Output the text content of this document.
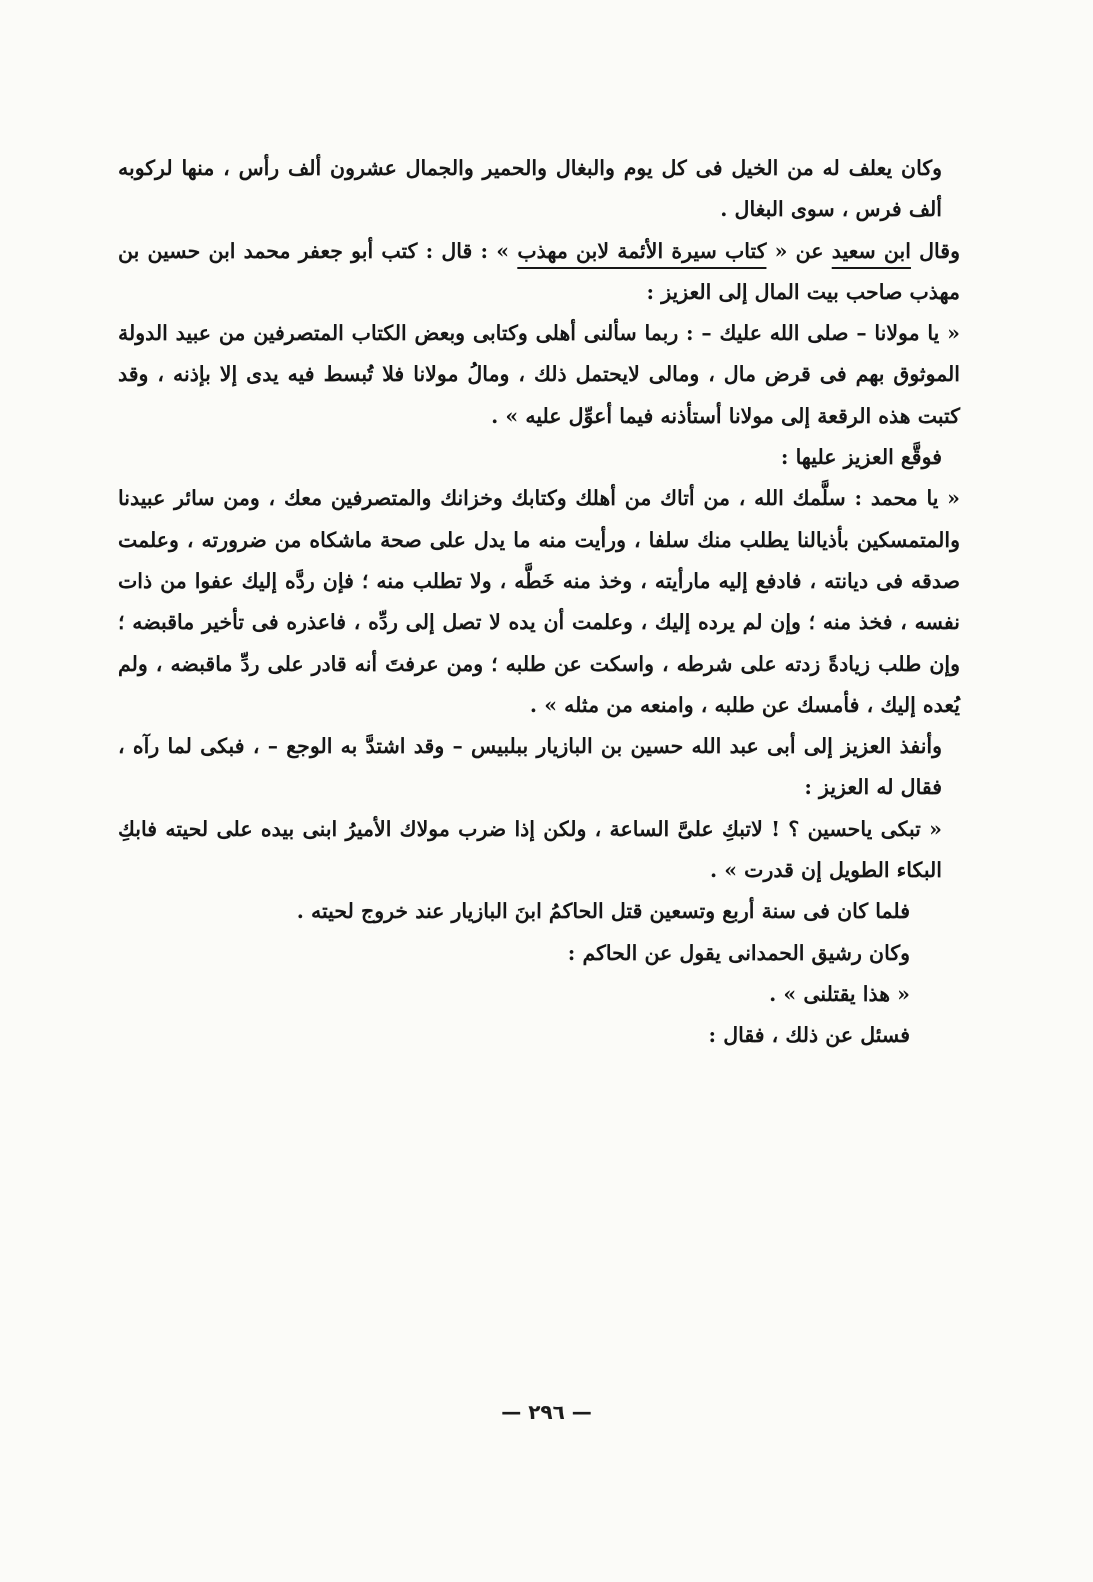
وكان يعلف له من الخيل فى كل يوم والبغال والحمير والجمال عشرون ألف رأس ، منها لركوبه ألف فرس ، سوى البغال .

وقال ابن سعيد عن « كتاب سيرة الأئمة لابن مهذب » : قال : كتب أبو جعفر محمد ابن حسين بن مهذب صاحب بيت المال إلى العزيز :

« يا مولانا – صلى الله عليك – : ربما سألنى أهلى وكتابى وبعض الكتاب المتصرفين من عبيد الدولة الموثوق بهم فى قرض مال ، ومالى لايحتمل ذلك ، ومالُ مولانا فلا تُبسط فيه يدى إلا بإذنه ، وقد كتبت هذه الرقعة إلى مولانا أستأذنه فيما أعوِّل عليه » .

فوقَّع العزيز عليها :

« يا محمد : سلَّمك الله ، من أتاك من أهلك وكتابك وخزانك والمتصرفين معك ، ومن سائر عبيدنا والمتمسكين بأذيالنا يطلب منك سلفا ، ورأيت منه ما يدل على صحة ماشكاه من ضرورته ، وعلمت صدقه فى ديانته ، فادفع إليه مارأيته ، وخذ منه خَطَّه ، ولا تطلب منه ؛ فإن ردَّه إليك عفوا من ذات نفسه ، فخذ منه ؛ وإن لم يرده إليك ، وعلمت أن يده لا تصل إلى ردِّه ، فاعذره فى تأخير ماقبضه ؛ وإن طلب زيادةً زدته على شرطه ، واسكت عن طلبه ؛ ومن عرفتَ أنه قادر على ردِّ ماقبضه ، ولم يُعده إليك ، فأمسك عن طلبه ، وامنعه من مثله » .

وأنفذ العزيز إلى أبى عبد الله حسين بن البازيار ببلبيس – وقد اشتدَّ به الوجع – ، فبكى لما رآه ، فقال له العزيز :

« تبكى ياحسين ؟ ! لاتبكِ علىَّ الساعة ، ولكن إذا ضرب مولاك الأميرُ ابنى بيده على لحيته فابكِ البكاء الطويل إن قدرت » .

فلما كان فى سنة أربع وتسعين قتل الحاكمُ ابنَ البازيار عند خروج لحيته .

وكان رشيق الحمدانى يقول عن الحاكم :

« هذا يقتلنى » .

فسئل عن ذلك ، فقال :

— ٢٩٦ —
